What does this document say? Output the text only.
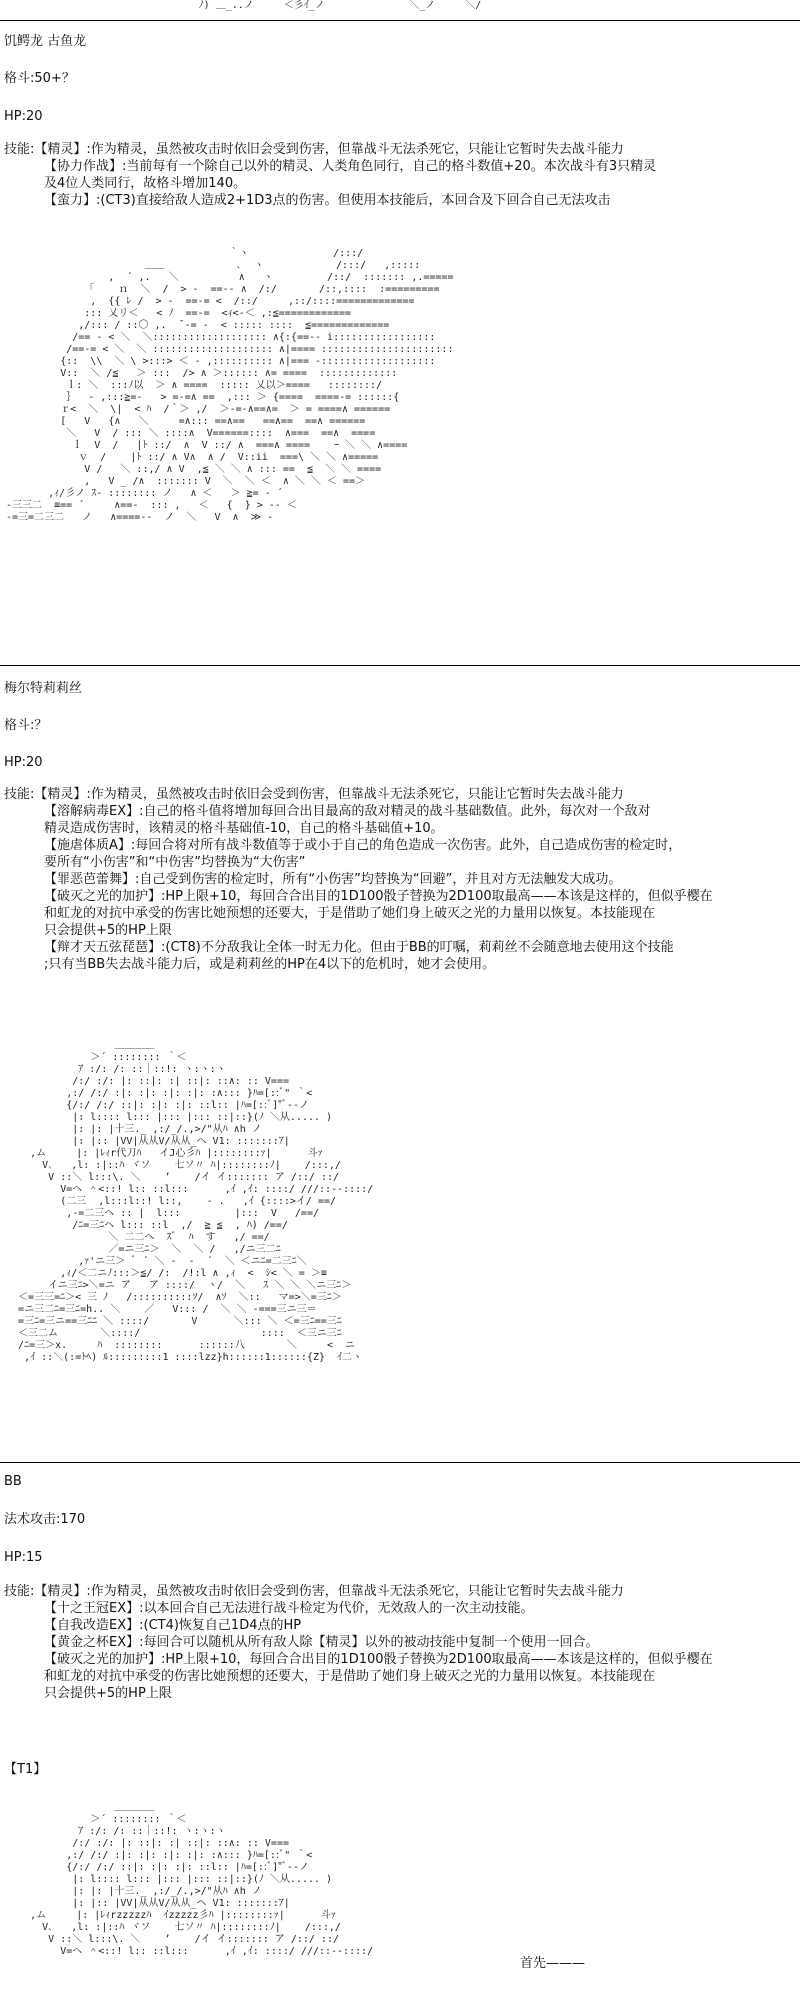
ﾉ) ＿_..ノ     ＜彡ｲ_ノ              ＼_ノ     ＼/
饥鳄龙 古鱼龙
格斗:50+？
HP:20
技能:【精灵】:作为精灵，虽然被攻击时依旧会受到伤害，但靠战斗无法杀死它，只能让它暂时失去战斗能力
【协力作战】:当前每有一个除自己以外的精灵、人类角色同行，自己的格斗数值+20。本次战斗有3只精灵
及4位人类同行，故格斗增加140。
【蛮力】:(CT3)直接给敌人造成2+1D3点的伤害。但使用本技能后，本回合及下回合自己无法攻击
｀ヽ              /:::/
＿＿            ､  ヽ            /:::/   ,:::::
,  ´ ,.   ＼          ∧   ヽ         /::/  ::::::: ,.=====
「    ｎ  ＼  /  > -  ==-- ∧  /:/       /::,::::  :=========
,  {{ ﾚ /  > -  ==-= <  /::/     ,::/::::=============
::: 乂リ＜   < ﾉ  ==-=  <ｨ<-＜ ,:≦============
,/::: / ::〇 ,.  ̄ ‐= -  < ::::: ::::  ≦=============
/== - < ＼  ＼::::::::::::::::::: ∧{:{==-- i:::::::::::::::::
/==-= < ＼  ＼ :::::::::::::::::::: ∧|==== ::::::::::::::::::::::
{::  \\  ＼ \ >:::> ＜ - ,:::::::::: ∧|=== -:::::::::::::::::::
V::  ＼ /≦   ＞ :::  /> ∧ ＞:::::: ∧= ====  :::::::::::::
ｌ: ＼  :::ﾉ以  ＞ ∧ ====  ::::: 乂以＞====   ::::::::/
｝  ‐ ,:::≧=-   > =-=∧ ==  ,::: ＞ {====  ====-= ::::::{
ｒ<  ＼  \|  < ﾊ  /｀＞ ,/  ＞-=-∧==∧=  ＞ = ====∧ ======
[   V   {∧   ＼     =∧::: ==∧==   ==∧==  ==∧ ======
＼   V  / ::: ＼ ::::∧  V======::::  ∧===  ==∧  ====
ｌ  V  /   |ﾄ ::/  ∧  V ::/ ∧  ===∧ ====    ｰ ＼ ＼ ∧====
ｖ  /    |ﾄ ::/ ∧ V∧  ∧ /  V::ii  ===\ ＼ ＼ ∧=====
V /   ＼ ::,/ ∧ V  ,≦ ＼ ＼ ∧ ::: ==  ≦  ＼ ＼ ====
,   V _ /∧  ::::::: V  ＼  ＼ ＜  ∧ ＼ ＼ ＜ ==＞
,ｨ/彡ノ ｽ‐ :::::::: ノ   ∧ ＜   ＞ ≧= ‐ ´
-三三二  ≡== ´     ∧==-  ::: ,   ＜   {  } > -- ＜
-=三=二三二   ノ   ∧====-‐  ノ  ＼   V  ∧  ≫ -
梅尔特莉莉丝
格斗:？
HP:20
技能:【精灵】:作为精灵，虽然被攻击时依旧会受到伤害，但靠战斗无法杀死它，只能让它暂时失去战斗能力
【溶解病毒EX】:自己的格斗值将增加每回合出目最高的敌对精灵的战斗基础数值。此外，每次对一个敌对
精灵造成伤害时，该精灵的格斗基础值-10，自己的格斗基础值+10。
【施虐体质A】:每回合将对所有战斗数值等于或小于自己的角色造成一次伤害。此外，自己造成伤害的检定时，
要所有“小伤害”和“中伤害”均替换为“大伤害”
【罪恶芭蕾舞】:自己受到伤害的检定时，所有“小伤害”均替换为“回避”，并且对方无法触发大成功。
【破灭之光的加护】:HP上限+10，每回合合出目的1D100骰子替换为2D100取最高——本该是这样的，但似乎樱在
和虹龙的对抗中承受的伤害比她预想的还要大，于是借助了她们身上破灭之光的力量用以恢复。本技能现在
只会提供+5的HP上限
【辩才天五弦琵琶】:(CT8)不分敌我让全体一时无力化。但由于BB的叮嘱，莉莉丝不会随意地去使用这个技能
;只有当BB失去战斗能力后，或是莉莉丝的HP在4以下的危机时，她才会使用。
＿＿＿＿
＞´ :::::::: ｀＜
ｱ :/: /: ::｜::!: ヽ:ヽ:ヽ
/:/ :/: |: ::|: :| ::|: ::∧: :: V===
,:/ /:/ :|: :|: :|: :|: :∧::: }ﾊ=[::ﾞ" ｀<
{/:/ /:/ ::|: :|: :|: ::l:: |ﾊ=[::ﾞ]"ﾞ‐-ノ
|: l:::: l::: |::: |::: ::|::}(ﾉ ＼从..... )
|: |: |十三._ ,:/_/.,>/"从ﾊ ∧h ノ
|: |:: |VV|从从V/从从_ヘ V1: :::::::ｱ|
,ム     |: |ﾚｨr代刀ﾊ   イJ心彡ﾊ |::::::::ｧ|      斗ｧ
V､   ,l: :|::ﾊ ヾソ    七ソ〃 ﾊ|::::::::ﾉ|    /:::,/
V ::＼ l:::\. ＼    ’    /イ イ::::::: ア /::/ ::/
V=ヘ ＾<::! l:: ::l:::      ,ｲ ,ｲ: ::::/ ///::--::::/
(二三  ,l:::l::! l::,    ‐ .   ,ｲ {::::>イ/ ==/
,-=二三ヘ :: |  l:::         |:::  V   /==/
/ﾆ=三ﾆヘ l::: ::l  ,/  ≧ ≦  , ﾊ) /==/
＼ 二二へ  ｽﾞ  ﾊ  す   ,/ ==/
／=ニ三ﾆ＞  ＼  ＼ /   ,/ニ三二ﾆ
,ｧ'ニ三＞ ﾞ ´ ＼ -  -  ´  ＼ ＜ニﾆ=二三ﾆ＼
,ｨ/＜二ニﾉ:::＞≦/ /:  /!:l ∧ ,ｨ  <  ｼ< ＼ = ＞≡
イニ三ﾆ>＼=ニ ア   ア ::::/  ヽ/  ＼   ｽ ＼ ＼ ＼ニ三ﾆ＞
＜=三三=ﾆ＞< 三 ﾉ   /::::::::::ｿ/  ∧ｿ  ＼::   マ=>＼=三ﾆ＞
=ニ三二ﾆ=三ﾆ=h.. ＼    ／   V::: /  ＼ ＼ -===三ニ三＝
=三ﾆ=三ニ==三ﾆﾆ ＼ ::::/       V      ＼::: ＼ ＜=三ﾆ==三ﾆ
＜三二ム       ＼::::/                    ::::  ＜三ニ三ﾆ
/ﾆ=三＞x.     ﾊ  ::::::::      ::::::八       ＼     <  ニ
,ｲ ::＼(:=ﾄﾍ) ﾙ:::::::::1 ::::lzz}h::::::1::::::{Z}  ｲ二ヽ
BB
法术攻击:170
HP:15
技能:【精灵】:作为精灵，虽然被攻击时依旧会受到伤害，但靠战斗无法杀死它，只能让它暂时失去战斗能力
【十之王冠EX】:以本回合自己无法进行战斗检定为代价，无效敌人的一次主动技能。
【自我改造EX】:(CT4)恢复自己1D4点的HP
【黄金之杯EX】:每回合可以随机从所有敌人除【精灵】以外的被动技能中复制一个使用一回合。
【破灭之光的加护】:HP上限+10，每回合合出目的1D100骰子替换为2D100取最高——本该是这样的，但似乎樱在
和虹龙的对抗中承受的伤害比她预想的还要大，于是借助了她们身上破灭之光的力量用以恢复。本技能现在
只会提供+5的HP上限
【T1】
＿＿＿＿
＞´ :::::::: ｀＜
ｱ :/: /: ::｜::!: ヽ:ヽ:ヽ
/:/ :/: |: ::|: :| ::|: ::∧: :: V===
,:/ /:/ :|: :|: :|: :|: :∧::: }ﾊ=[::ﾞ" ｀<
{/:/ /:/ ::|: :|: :|: ::l:: |ﾊ=[::ﾞ]"ﾞ‐-ノ
|: l:::: l::: |::: |::: ::|::}(ﾉ ＼从..... )
|: |: |十三._ ,:/_/.,>/"从ﾊ ∧h ノ
|: |:: |VV|从从V/从从_ヘ V1: :::::::ｱ|
,ム     |: |ﾚｨrzzzzzﾊ  ｲzzzzz彡ﾊ |::::::::ｧ|      斗ｧ
V､   ,l: :|::ﾊ ヾソ    七ソ〃 ﾊ|::::::::ﾉ|    /:::,/
V ::＼ l:::\. ＼    ’    /イ イ::::::: ア /::/ ::/
V=ヘ ＾<::! l:: ::l:::      ,ｲ ,ｲ: ::::/ ///::--::::/
首先———
